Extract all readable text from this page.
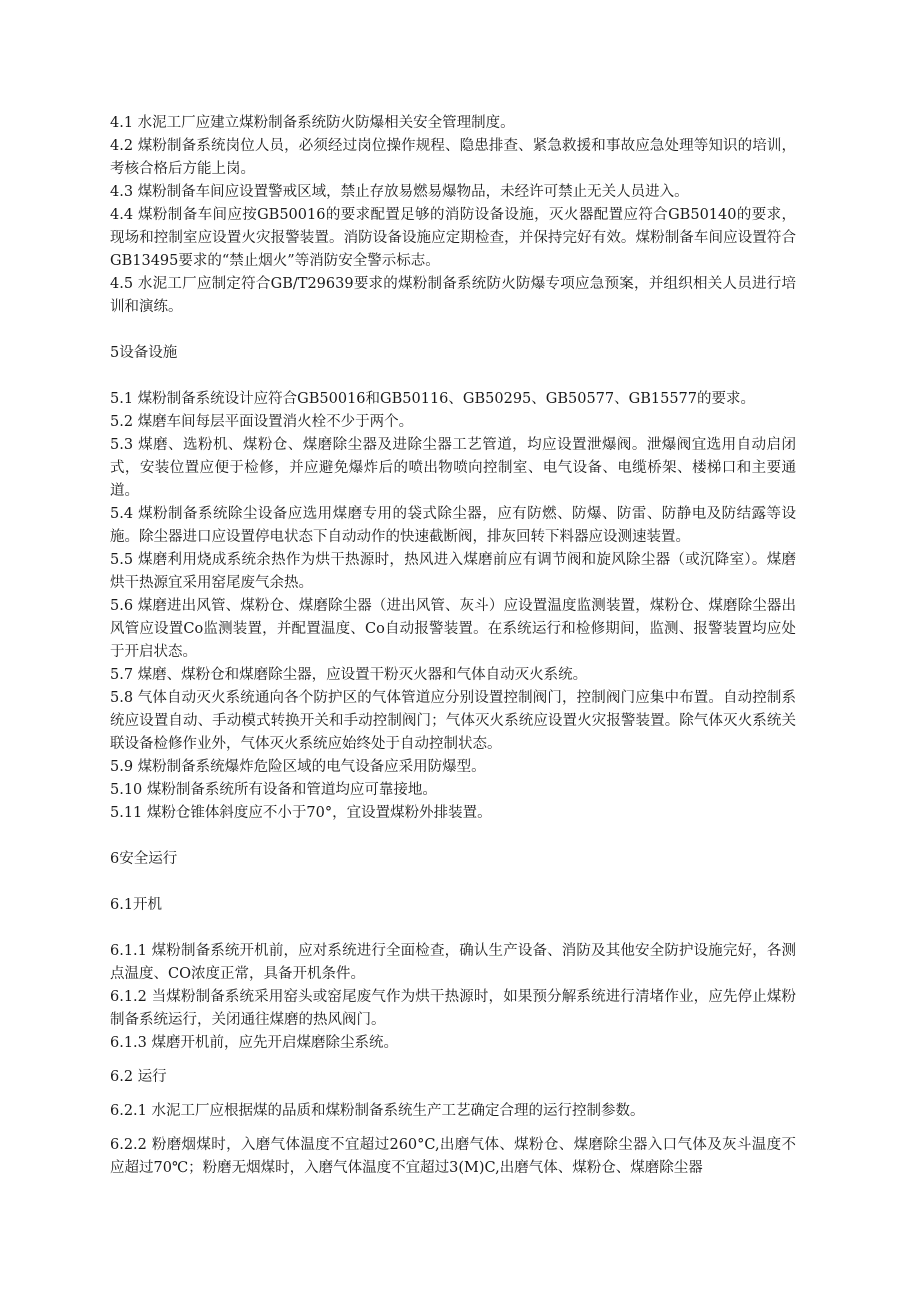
4.1 水泥工厂应建立煤粉制备系统防火防爆相关安全管理制度。

4.2 煤粉制备系统岗位人员，必须经过岗位操作规程、隐患排查、紧急救援和事故应急处理等知识的培训，考核合格后方能上岗。

4.3 煤粉制备车间应设置警戒区域，禁止存放易燃易爆物品，未经许可禁止无关人员进入。

4.4 煤粉制备车间应按GB50016的要求配置足够的消防设备设施，灭火器配置应符合GB50140的要求，现场和控制室应设置火灾报警装置。消防设备设施应定期检查，并保持完好有效。煤粉制备车间应设置符合GB13495要求的“禁止烟火”等消防安全警示标志。

4.5 水泥工厂应制定符合GB/T29639要求的煤粉制备系统防火防爆专项应急预案，并组织相关人员进行培训和演练。

5设备设施

5.1 煤粉制备系统设计应符合GB50016和GB50116、GB50295、GB50577、GB15577的要求。

5.2 煤磨车间每层平面设置消火栓不少于两个。

5.3 煤磨、选粉机、煤粉仓、煤磨除尘器及进除尘器工艺管道，均应设置泄爆阀。泄爆阀宜选用自动启闭式，安装位置应便于检修，并应避免爆炸后的喷出物喷向控制室、电气设备、电缆桥架、楼梯口和主要通道。

5.4 煤粉制备系统除尘设备应选用煤磨专用的袋式除尘器，应有防燃、防爆、防雷、防静电及防结露等设施。除尘器进口应设置停电状态下自动动作的快速截断阀，排灰回转下料器应设测速装置。

5.5 煤磨利用烧成系统余热作为烘干热源时，热风进入煤磨前应有调节阀和旋风除尘器（或沉降室）。煤磨烘干热源宜采用窑尾废气余热。

5.6 煤磨进出风管、煤粉仓、煤磨除尘器（进出风管、灰斗）应设置温度监测装置，煤粉仓、煤磨除尘器出风管应设置Co监测装置，并配置温度、Co自动报警装置。在系统运行和检修期间，监测、报警装置均应处于开启状态。

5.7 煤磨、煤粉仓和煤磨除尘器，应设置干粉灭火器和气体自动灭火系统。

5.8 气体自动灭火系统通向各个防护区的气体管道应分别设置控制阀门，控制阀门应集中布置。自动控制系统应设置自动、手动模式转换开关和手动控制阀门；气体灭火系统应设置火灾报警装置。除气体灭火系统关联设备检修作业外，气体灭火系统应始终处于自动控制状态。

5.9 煤粉制备系统爆炸危险区域的电气设备应采用防爆型。

5.10 煤粉制备系统所有设备和管道均应可靠接地。

5.11 煤粉仓锥体斜度应不小于70°，宜设置煤粉外排装置。

6安全运行

6.1开机

6.1.1 煤粉制备系统开机前，应对系统进行全面检查，确认生产设备、消防及其他安全防护设施完好，各测点温度、CO浓度正常，具备开机条件。

6.1.2 当煤粉制备系统采用窑头或窑尾废气作为烘干热源时，如果预分解系统进行清堵作业，应先停止煤粉制备系统运行，关闭通往煤磨的热风阀门。

6.1.3 煤磨开机前，应先开启煤磨除尘系统。

6.2 运行

6.2.1 水泥工厂应根据煤的品质和煤粉制备系统生产工艺确定合理的运行控制参数。

6.2.2 粉磨烟煤时，入磨气体温度不宜超过260°C,出磨气体、煤粉仓、煤磨除尘器入口气体及灰斗温度不应超过70℃；粉磨无烟煤时，入磨气体温度不宜超过3(M)C,出磨气体、煤粉仓、煤磨除尘器
